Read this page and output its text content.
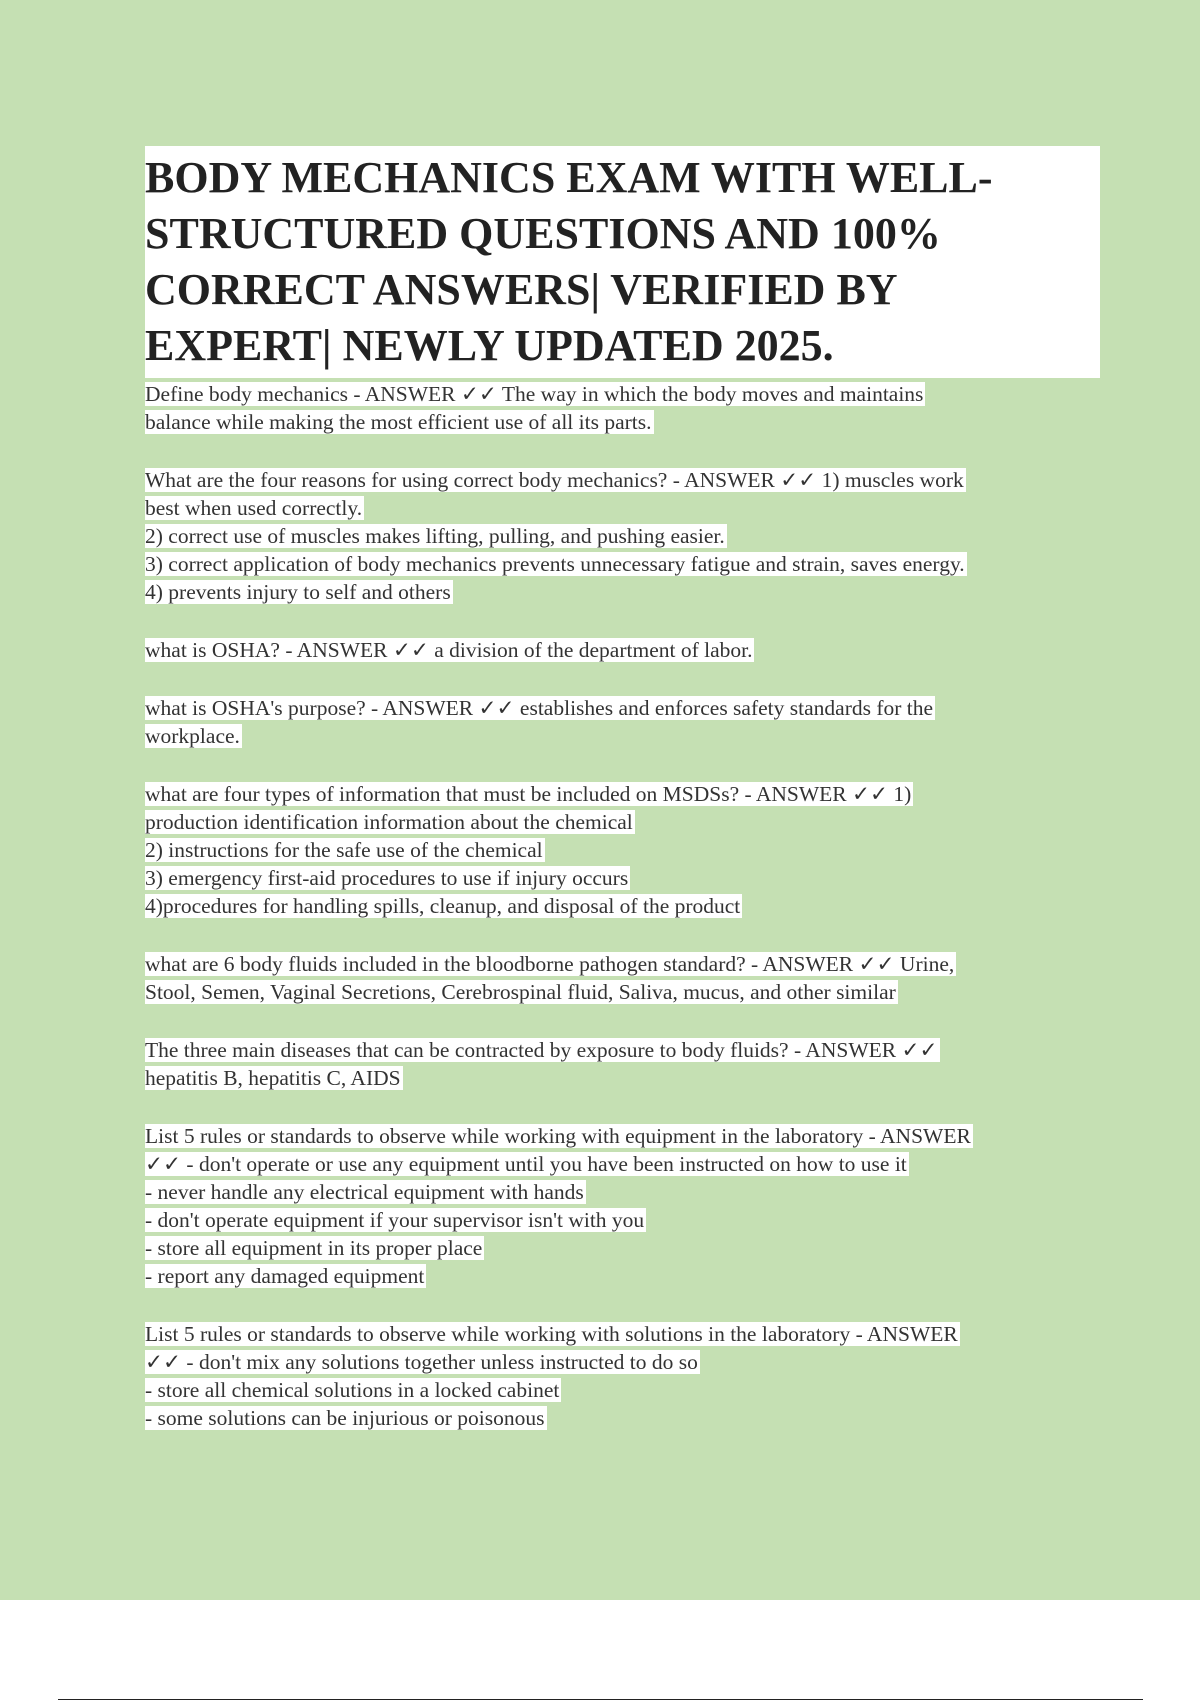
BODY MECHANICS EXAM WITH WELL-STRUCTURED QUESTIONS AND 100% CORRECT ANSWERS| VERIFIED BY EXPERT| NEWLY UPDATED 2025.
Define body mechanics - ANSWER ✓✓ The way in which the body moves and maintains
balance while making the most efficient use of all its parts.
What are the four reasons for using correct body mechanics? - ANSWER ✓✓ 1) muscles work
best when used correctly.
2) correct use of muscles makes lifting, pulling, and pushing easier.
3) correct application of body mechanics prevents unnecessary fatigue and strain, saves energy.
4) prevents injury to self and others
what is OSHA? - ANSWER ✓✓ a division of the department of labor.
what is OSHA's purpose? - ANSWER ✓✓ establishes and enforces safety standards for the
workplace.
what are four types of information that must be included on MSDSs? - ANSWER ✓✓ 1)
production identification information about the chemical
2) instructions for the safe use of the chemical
3) emergency first-aid procedures to use if injury occurs
4)procedures for handling spills, cleanup, and disposal of the product
what are 6 body fluids included in the bloodborne pathogen standard? - ANSWER ✓✓ Urine,
Stool, Semen, Vaginal Secretions, Cerebrospinal fluid, Saliva, mucus, and other similar
The three main diseases that can be contracted by exposure to body fluids? - ANSWER ✓✓
hepatitis B, hepatitis C, AIDS
List 5 rules or standards to observe while working with equipment in the laboratory - ANSWER
✓✓ - don't operate or use any equipment until you have been instructed on how to use it
- never handle any electrical equipment with hands
- don't operate equipment if your supervisor isn't with you
- store all equipment in its proper place
- report any damaged equipment
List 5 rules or standards to observe while working with solutions in the laboratory - ANSWER
✓✓ - don't mix any solutions together unless instructed to do so
- store all chemical solutions in a locked cabinet
- some solutions can be injurious or poisonous
